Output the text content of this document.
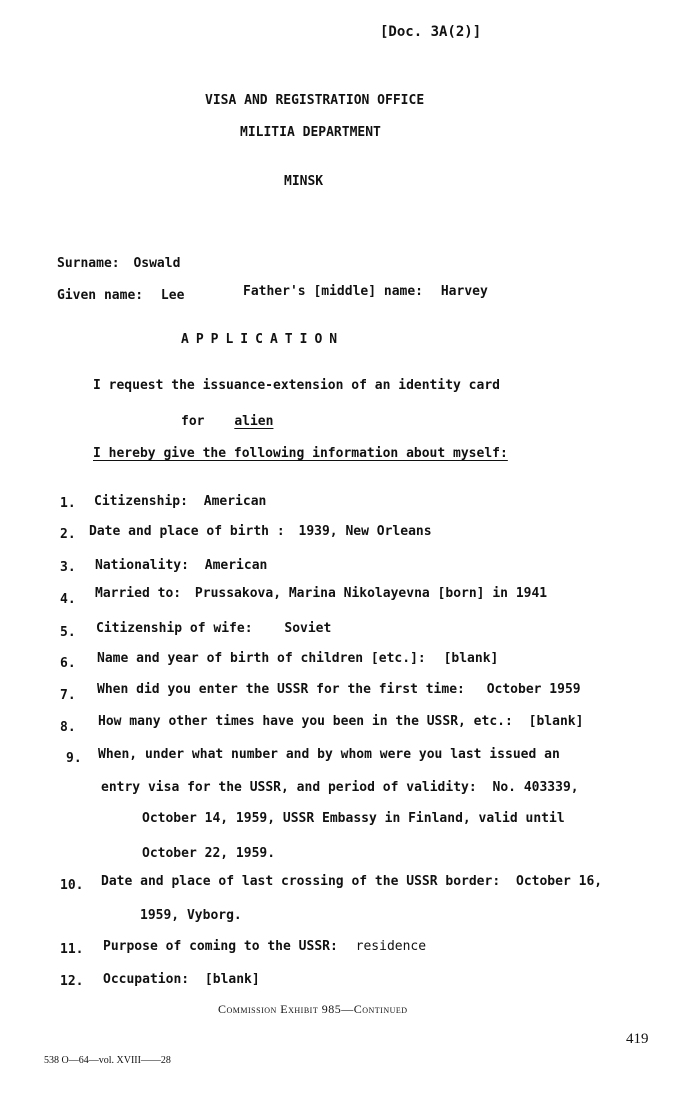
[Doc. 3A(2)]
VISA AND REGISTRATION OFFICE
MILITIA DEPARTMENT
MINSK
Surname: Oswald
Given name: Lee	Father's [middle] name: Harvey
APPLICATION
I request the issuance-extension of an identity card
for alien
I hereby give the following information about myself:
1.	Citizenship: American
2.	Date and place of birth : 1939, New Orleans
3.	Nationality: American
4.	Married to: Prussakova, Marina Nikolayevna [born] in 1941
5.	Citizenship of wife: Soviet
6.	Name and year of birth of children [etc.]: [blank]
7.	When did you enter the USSR for the first time: October 1959
8.	How many other times have you been in the USSR, etc.: [blank]
9.	When, under what number and by whom were you last issued an
entry visa for the USSR, and period of validity: No. 403339,
October 14, 1959, USSR Embassy in Finland, valid until
October 22, 1959.
10.	Date and place of last crossing of the USSR border: October 16,
1959, Vyborg.
11.	Purpose of coming to the USSR: residence
12.	Occupation: [blank]
Commission Exhibit 985—Continued
419
538 O—64—vol. XVIII——28
